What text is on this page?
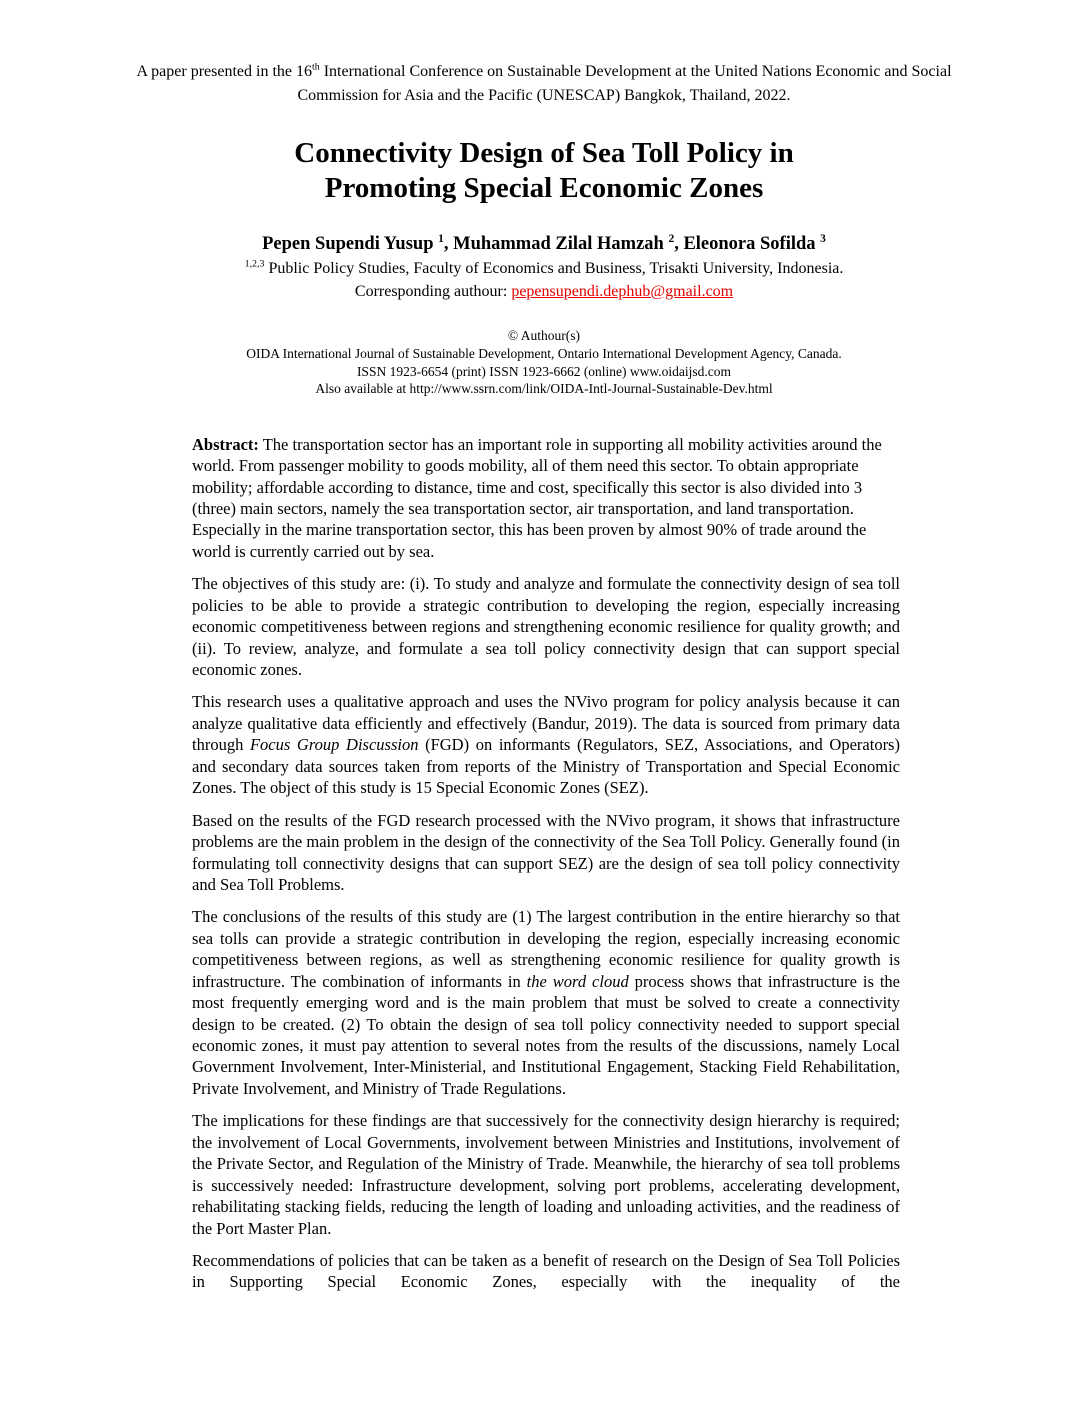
A paper presented in the 16th International Conference on Sustainable Development at the United Nations Economic and Social Commission for Asia and the Pacific (UNESCAP) Bangkok, Thailand, 2022.
Connectivity Design of Sea Toll Policy in
Promoting Special Economic Zones
Pepen Supendi Yusup $^1$, Muhammad Zilal Hamzah $^2$, Eleonora Sofilda $^3$
$^{1,2,3}$ Public Policy Studies, Faculty of Economics and Business, Trisakti University, Indonesia.
Corresponding authour: pepensupendi.dephub@gmail.com
© Authour(s)
OIDA International Journal of Sustainable Development, Ontario International Development Agency, Canada.
ISSN 1923-6654 (print) ISSN 1923-6662 (online) www.oidaijsd.com
Also available at http://www.ssrn.com/link/OIDA-Intl-Journal-Sustainable-Dev.html

Abstract: The transportation sector has an important role in supporting all mobility activities around the world. From passenger mobility to goods mobility, all of them need this sector. To obtain appropriate mobility; affordable according to distance, time and cost, specifically this sector is also divided into 3 (three) main sectors, namely the sea transportation sector, air transportation, and land transportation. Especially in the marine transportation sector, this has been proven by almost 90% of trade around the world is currently carried out by sea.

The objectives of this study are: (i). To study and analyze and formulate the connectivity design of sea toll policies to be able to provide a strategic contribution to developing the region, especially increasing economic competitiveness between regions and strengthening economic resilience for quality growth; and (ii). To review, analyze, and formulate a sea toll policy connectivity design that can support special economic zones.

This research uses a qualitative approach and uses the NVivo program for policy analysis because it can analyze qualitative data efficiently and effectively (Bandur, 2019). The data is sourced from primary data through Focus Group Discussion (FGD) on informants (Regulators, SEZ, Associations, and Operators) and secondary data sources taken from reports of the Ministry of Transportation and Special Economic Zones. The object of this study is 15 Special Economic Zones (SEZ).

Based on the results of the FGD research processed with the NVivo program, it shows that infrastructure problems are the main problem in the design of the connectivity of the Sea Toll Policy. Generally found (in formulating toll connectivity designs that can support SEZ) are the design of sea toll policy connectivity and Sea Toll Problems.

The conclusions of the results of this study are (1) The largest contribution in the entire hierarchy so that sea tolls can provide a strategic contribution in developing the region, especially increasing economic competitiveness between regions, as well as strengthening economic resilience for quality growth is infrastructure. The combination of informants in the word cloud process shows that infrastructure is the most frequently emerging word and is the main problem that must be solved to create a connectivity design to be created. (2) To obtain the design of sea toll policy connectivity needed to support special economic zones, it must pay attention to several notes from the results of the discussions, namely Local Government Involvement, Inter-Ministerial, and Institutional Engagement, Stacking Field Rehabilitation, Private Involvement, and Ministry of Trade Regulations.

The implications for these findings are that successively for the connectivity design hierarchy is required; the involvement of Local Governments, involvement between Ministries and Institutions, involvement of the Private Sector, and Regulation of the Ministry of Trade. Meanwhile, the hierarchy of sea toll problems is successively needed: Infrastructure development, solving port problems, accelerating development, rehabilitating stacking fields, reducing the length of loading and unloading activities, and the readiness of the Port Master Plan.

Recommendations of policies that can be taken as a benefit of research on the Design of Sea Toll Policies in Supporting Special Economic Zones, especially with the inequality of the
